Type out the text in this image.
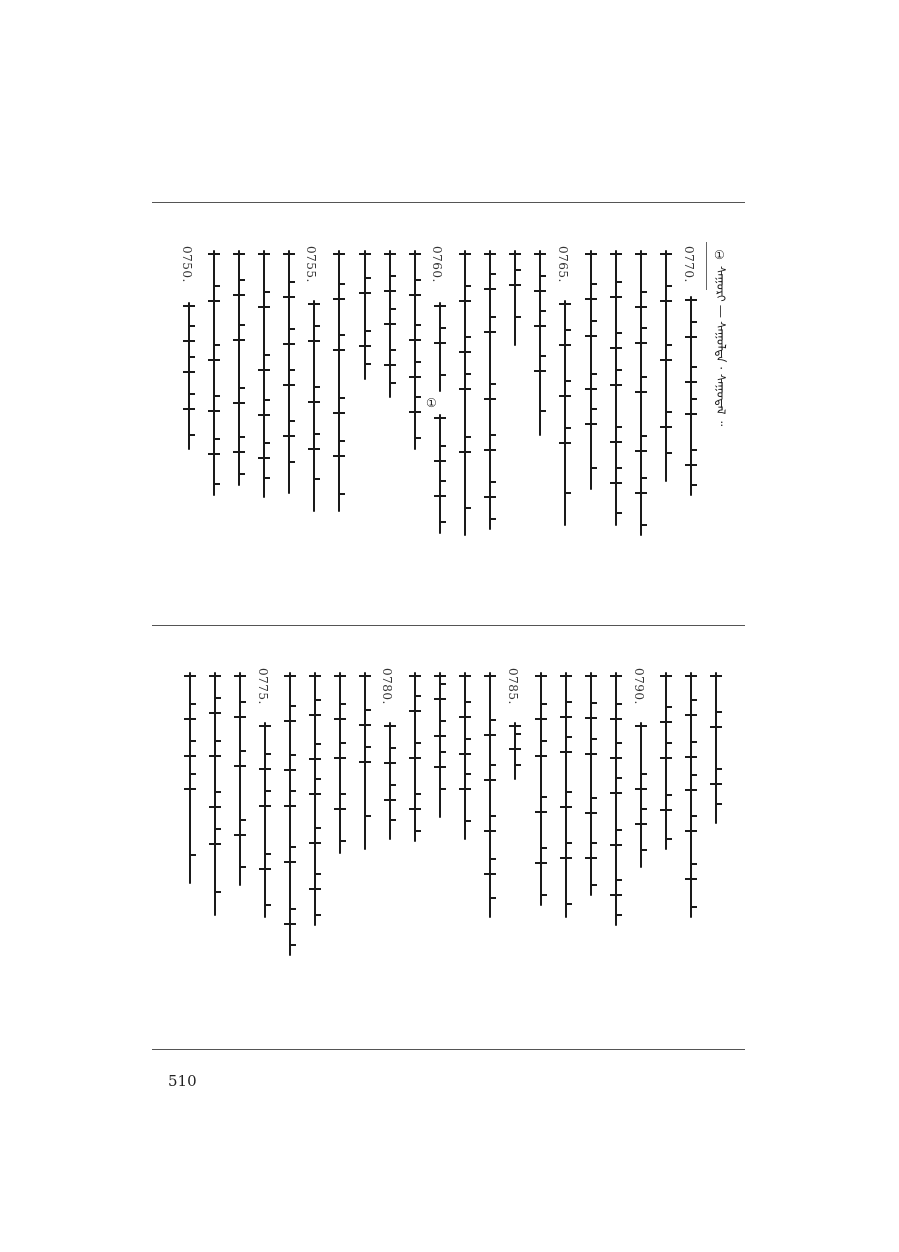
①
ᠰᠠᠭᠤᠷᠢ ― ᠰᠠᠭᠤᠯᠲᠠ · ᠰᠠᠭᠤᠳᠠᠯ ᠃
0770.
0765.
0760.
0755.
0750.
①
0790.
0785.
0780.
0775.
510
